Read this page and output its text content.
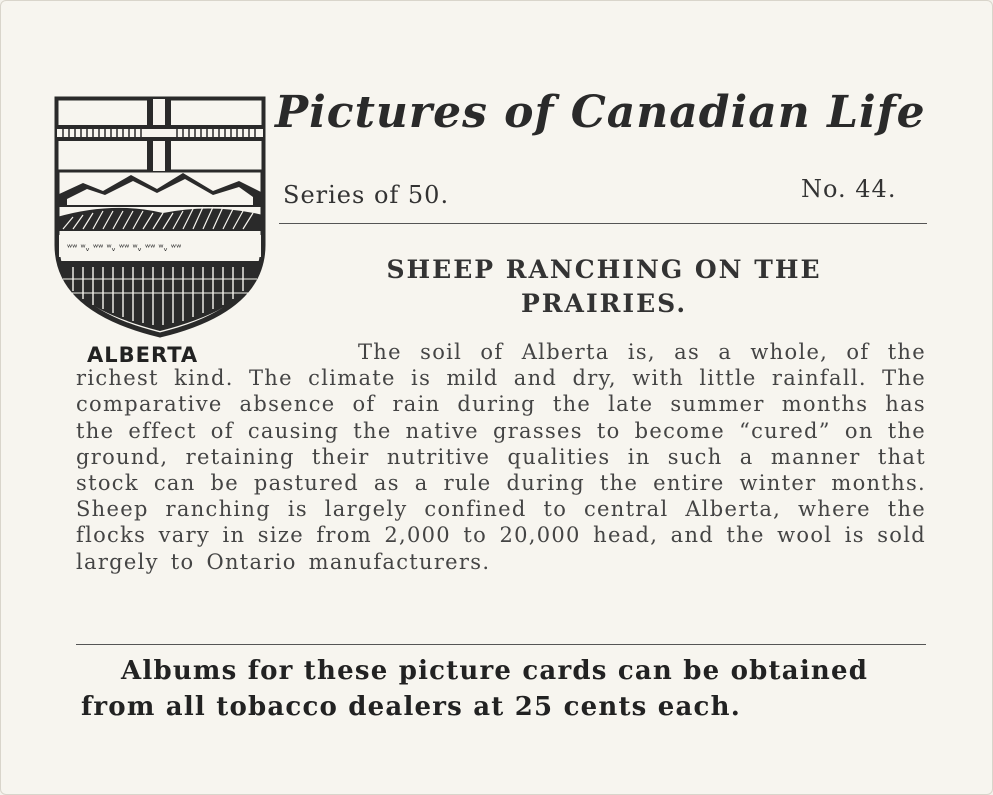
ʷʷ ʷᵥ ʷʷ ʷᵥ ʷʷ ʷᵥ ʷʷ ʷᵥ ʷʷ
ALBERTA
Pictures of Canadian Life
Series of 50.	No. 44.
SHEEP RANCHING ON THE PRAIRIES.
The soil of Alberta is, as a whole, of the richest kind. The climate is mild and dry, with little rainfall. The comparative absence of rain during the late summer months has the effect of causing the native grasses to become “cured” on the ground, retaining their nutritive qualities in such a manner that stock can be pastured as a rule during the entire winter months. Sheep ranching is largely confined to central Alberta, where the flocks vary in size from 2,000 to 20,000 head, and the wool is sold largely to Ontario manufacturers.
Albums for these picture cards can be obtained
from all tobacco dealers at 25 cents each.
